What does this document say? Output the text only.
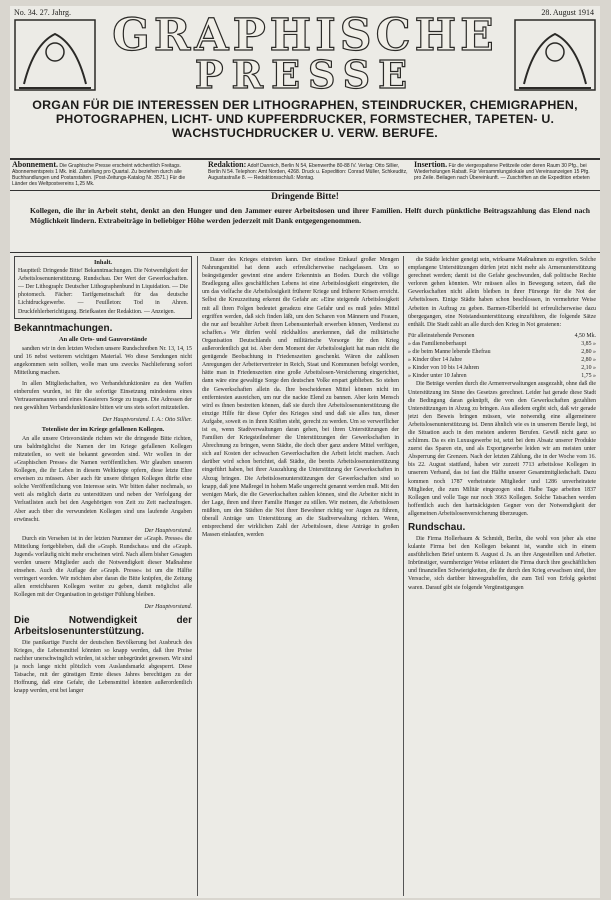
No. 34. 27. Jahrg.	28. August 1914
GRAPHISCHE
PRESSE
ORGAN FÜR DIE INTERESSEN DER LITHOGRAPHEN, STEINDRUCKER, CHEMIGRAPHEN, PHOTOGRAPHEN, LICHT- UND KUPFERDRUCKER, FORMSTECHER, TAPETEN- U. WACHSTUCHDRUCKER U. VERW. BERUFE.
Abonnement. Die Graphische Presse erscheint wöchentlich Freitags. Abonnementspreis 1 Mk. inkl. Zustellung pro Quartal. Zu beziehen durch alle Buchhandlungen und Postanstalten. (Post-Zeitungs-Katalog Nr. 3571.) Für die Länder des Weltpostvereins 1,25 Mk.
Redaktion: Adolf Dannich, Berlin N 54, Ebenwerthe 80-88 IV. Verlag: Otto Sillier, Berlin N 54. Telephon: Amt Norden, 4268. Druck u. Expedition: Conrad Müller, Schkeuditz, Augustastraße 8. — Redaktionsschluß: Montag.
Insertion. Für die viergespaltene Petitzeile oder deren Raum 30 Pfg., bei Wiederholungen Rabatt. Für Versammlungslokale und Vereinsanzeigen 15 Pfg. pro Zeile. Beilagen nach Übereinkunft. — Zuschriften an die Expedition erbeten
Dringende Bitte!
Kollegen, die ihr in Arbeit steht, denkt an den Hunger und den Jammer eurer Arbeitslosen und ihrer Familien. Helft durch pünktliche Beitragszahlung das Elend nach Möglichkeit lindern. Extrabeiträge in beliebiger Höhe werden jederzeit mit Dank entgegengenommen.
Inhalt.
Hauptteil: Dringende Bitte! Bekanntmachungen. Die Notwendigkeit der Arbeitslosenunterstützung. Rundschau. Der Wert der Gewerkschaften. — Der Lithograph: Deutscher Lithographenbund in Liquidation. — Die photomech. Fächer: Tarifgemeinschaft für das deutsche Lichtdruckgewerbe. — Feuilleton: Tod in Ahren. Druckfehlerberichtigung. Briefkasten der Redaktion. — Anzeigen.
Bekanntmachungen.
An alle Orts- und Gauvorstände

sandten wir in den letzten Wochen unsere Rundschreiben Nr. 13, 14, 15 und 16 nebst weiterem wichtigen Material. Wo diese Sendungen nicht angekommen sein sollten, wolle man uns zwecks Nachlieferung sofort Mitteilung machen.

In allen Mitgliedschaften, wo Verbandsfunktionäre zu den Waffen einberufen wurden, ist für die sofortige Einsetzung mindestens eines Vertrauensmannes und eines Kassierers Sorge zu tragen. Die Adressen der neu gewählten Verbandsfunktionäre bitten wir uns stets sofort mitzuteilen.

Der Hauptvorstand. I. A.: Otto Sillier.
Totenliste der im Kriege gefallenen Kollegen.

An alle unsere Ortsvorstände richten wir die dringende Bitte richten, uns baldmöglichst die Namen der im Kriege gefallenen Kollegen mitzuteilen, so weit sie bekannt geworden sind. Wir wollen in der »Graphischen Presse« die Namen veröffentlichen. Wir glauben unseren Kollegen, die ihr Leben in diesem Weltkriege opfern, diese letzte Ehre erweisen zu müssen. Aber auch für unsere übrigen Kollegen dürfte eine solche Veröffentlichung von Interesse sein. Wir bitten daher nochmals, so weit als möglich darin zu unterstützen und neben der Verfolgung der Verlustlisten auch bei den Angehörigen von Zeit zu Zeit nachzufragen. Aber auch über die verwundeten Kollegen sind uns laufende Angaben erwünscht.

Der Hauptvorstand.

Durch ein Versehen ist in der letzten Nummer der »Graph. Presse« die Mitteilung fortgeblieben, daß die »Graph. Rundschau« und die »Graph. Jugend« vorläufig nicht mehr erscheinen wird. Nach allem bisher Gesagten werden unsere Mitglieder auch die Notwendigkeit dieser Maßnahme einsehen. Auch die Auflage der »Graph. Presse« ist um die Hälfte verringert worden. Wir möchten aber daran die Bitte knüpfen, die Zeitung allen erreichbaren Kollegen weiter zu geben, damit möglichst alle Kollegen mit der Organisation in geistiger Fühlung bleiben.

Der Hauptvorstand.
Die Notwendigkeit der Arbeitslosenunterstützung.

Die panikartige Furcht der deutschen Bevölkerung bei Ausbruch des Krieges, die Lebensmittel könnten so knapp werden, daß ihre Preise nachher unerschwinglich würden, ist sicher unbegründet gewesen. Wir sind ja noch lange nicht plötzlich vom Auslandsmarkt abgesperrt. Diese Tatsache, mit der günstigen Ernte dieses Jahres berechtigen zu der Hoffnung, daß eine Gefahr, die Lebensmittel könnten außerordentlich knapp werden, erst bei langer

Dauer des Krieges eintreten kann. Der einstlose Einkauf großer Mengen Nahrungsmittel hat denn auch erfreulicherweise nachgelassen. Um so beängstigender gewinnt eine andere Erkenntnis an Boden. Durch die völlige Bradlegung alles geschäftlichen Lebens ist eine Arbeitslosigkeit eingetreten, die um das vielfache die Arbeitslosigkeit früherer Kriege und früherer Krisen erreicht. Selbst die Kreuzzeitung erkennt die Gefahr an: »Eine steigende Arbeitslosigkeit mit all ihren Folgen bedeutet geradezu eine Gefahr und es muß jedes Mittel ergriffen werden, daß sich finden läßt, um den Scharen von Männern und Frauen, die nur auf bezahlter Arbeit ihren Lebensunterhalt erwerben können, Verdienst zu schaffen.« Wir dürfen wohl rückhaltlos anerkennen, daß die militärische Organisation Deutschlands und militärische Vorsorge für den Krieg außerordentlich gut ist. Aber dem Moment der Arbeitslosigkeit hat man nicht die genügende Beobachtung in Friedenszeiten geschenkt. Wären die zahllosen Anregungen der Arbeitervertreter in Reich, Staat und Kommunen befolgt worden, hätte man in Friedenszeiten eine große Arbeitslosen-Versicherung eingerichtet, dann wäre eine gewaltige Sorge den deutschen Volke erspart geblieben. So stehen die Gewerkschaften allein da. Ihre bescheidenen Mittel können nicht im entferntesten ausreichen, um nur die nackte Elend zu bannen. Aber kein Mensch wird es ihnen bestreiten können, daß sie durch ihre Arbeitslosenunterstützung die einzige Hilfe für diese Opfer des Krieges sind und daß sie alles tun, dieser Aufgabe, soweit es in ihren Kräften steht, gerecht zu werden. Um so verwerflicher ist es, wenn Stadtverwaltungen daran gehen, bei ihren Unterstützungen der Familien der Kriegsteilnehmer die Unterstützungen der Gewerkschaften in Abrechnung zu bringen, wenn Städte, die doch über ganz andere Mittel verfügen, sich auf Kosten der schwachen Gewerkschaften die Arbeit leicht machen. Auch darüber wird schon berichtet, daß Städte, die bereits Arbeitslosenunterstützung eingeführt haben, bei ihrer Auszahlung die Unterstützung der Gewerkschaften in Abzug bringen. Die Arbeitslosenunterstützungen der Gewerkschaften sind so knapp, daß jene Maßregel in hohem Maße ungerecht genannt werden muß. Mit den wenigen Mark, die die Gewerkschaften zahlen können, sind die Arbeiter nicht in der Lage, ihren und ihrer Familie Hunger zu stillen. Wir meinen, die Arbeitslosen müßten, um den Städten die Not ihrer Bewohner richtig vor Augen zu führen, überall Anträge um Unterstützung an die Stadtverwaltung richten. Wenn, entsprechend der wirklichen Zahl der Arbeitslosen, diese Anträge in großen Massen einlaufen, werden

die Städte leichter geneigt sein, wirksame Maßnahmen zu ergreifen. Solche empfangene Unterstützungen dürfen jetzt nicht mehr als Armenunterstützung gerechnet werden; damit ist die Gefahr geschwunden, daß politische Rechte verloren gehen könnten. Wir müssen alles in Bewegung setzen, daß die Gewerkschaften nicht allein bleiben in ihrer Fürsorge für die Not der Arbeitslosen. Einige Städte haben schon beschlossen, in vermehrter Weise Arbeiten in Auftrag zu geben. Barmen-Elberfeld ist erfreulicherweise dazu übergegangen, eine Notstandsunterstützung einzuführen, die folgende Sätze enthält. Die Stadt zahlt an alle durch den Krieg in Not geratenen:

Für alleinstehende Personen	4,50 Mk.
» das Familienoberhaupt	3,85 »
» die beim Manne lebende Ehefrau	2,80 »
» Kinder über 14 Jahre	2,80 »
» Kinder von 10 bis 14 Jahren	2,10 »
» Kinder unter 10 Jahren	1,75 »

Die Beträge werden durch die Armenverwaltungen ausgezahlt, ohne daß die Unterstützung im Sinne des Gesetzes gerechnet. Leider hat gerade diese Stadt die Bedingung daran geknüpft, die von den Gewerkschaften gezahlten Unterstützungen in Abzug zu bringen. Aus alledem ergibt sich, daß wir gerade jetzt den Beweis bringen müssen, wie notwendig eine allgemeinere Arbeitslosenunterstützung ist. Denn ähnlich wie es in unserem Berufe liegt, ist die Situation auch in den meisten anderen Berufen. Gewiß nicht ganz so schlimm. Da es ein Luxusgewerbe ist, setzt bei dem Absatz unserer Produkte zuerst das Sparen ein, und als Exportgewerbe leiden wir am meisten unter Absperrung der Grenzen. Nach der letzten Zählung, die in der Woche vom 16. bis 22. August stattfand, haben wir zurzeit 7713 arbeitslose Kollegen in unserem Verband, das ist fast die Hälfte unserer Gesamtmitgliedschaft. Dazu kommen noch 1787 verheiratete Mitglieder und 1286 unverheiratete Mitglieder, die zum Militär eingezogen sind. Halbe Tage arbeiten 1837 Kollegen und volle Tage nur noch 3663 Kollegen. Solche Tatsachen werden hoffentlich auch den hartnäckigsten Gegner von der Notwendigkeit der allgemeinen Arbeitslosenversicherung überzeugen.

Rundschau.

Die Firma Hollerbaum & Schmidt, Berlin, die wohl von jeher als eine kulante Firma bei den Kollegen bekannt ist, wandte sich in einem ausführlichen Brief unterm 8. August d. Js. an ihre Angestellten und Arbeiter. Inbrünstiger, warmherziger Weise erläutert die Firma durch ihre geschäftlichen und finanziellen Schwierigkeiten, die ihr durch den Krieg erwachsen sind, ihre Versuche, sich darüber hinwegzuhelfen, die zum Teil von Erfolg gekrönt waren. Darauf gibt sie folgende Vergünstigungen
